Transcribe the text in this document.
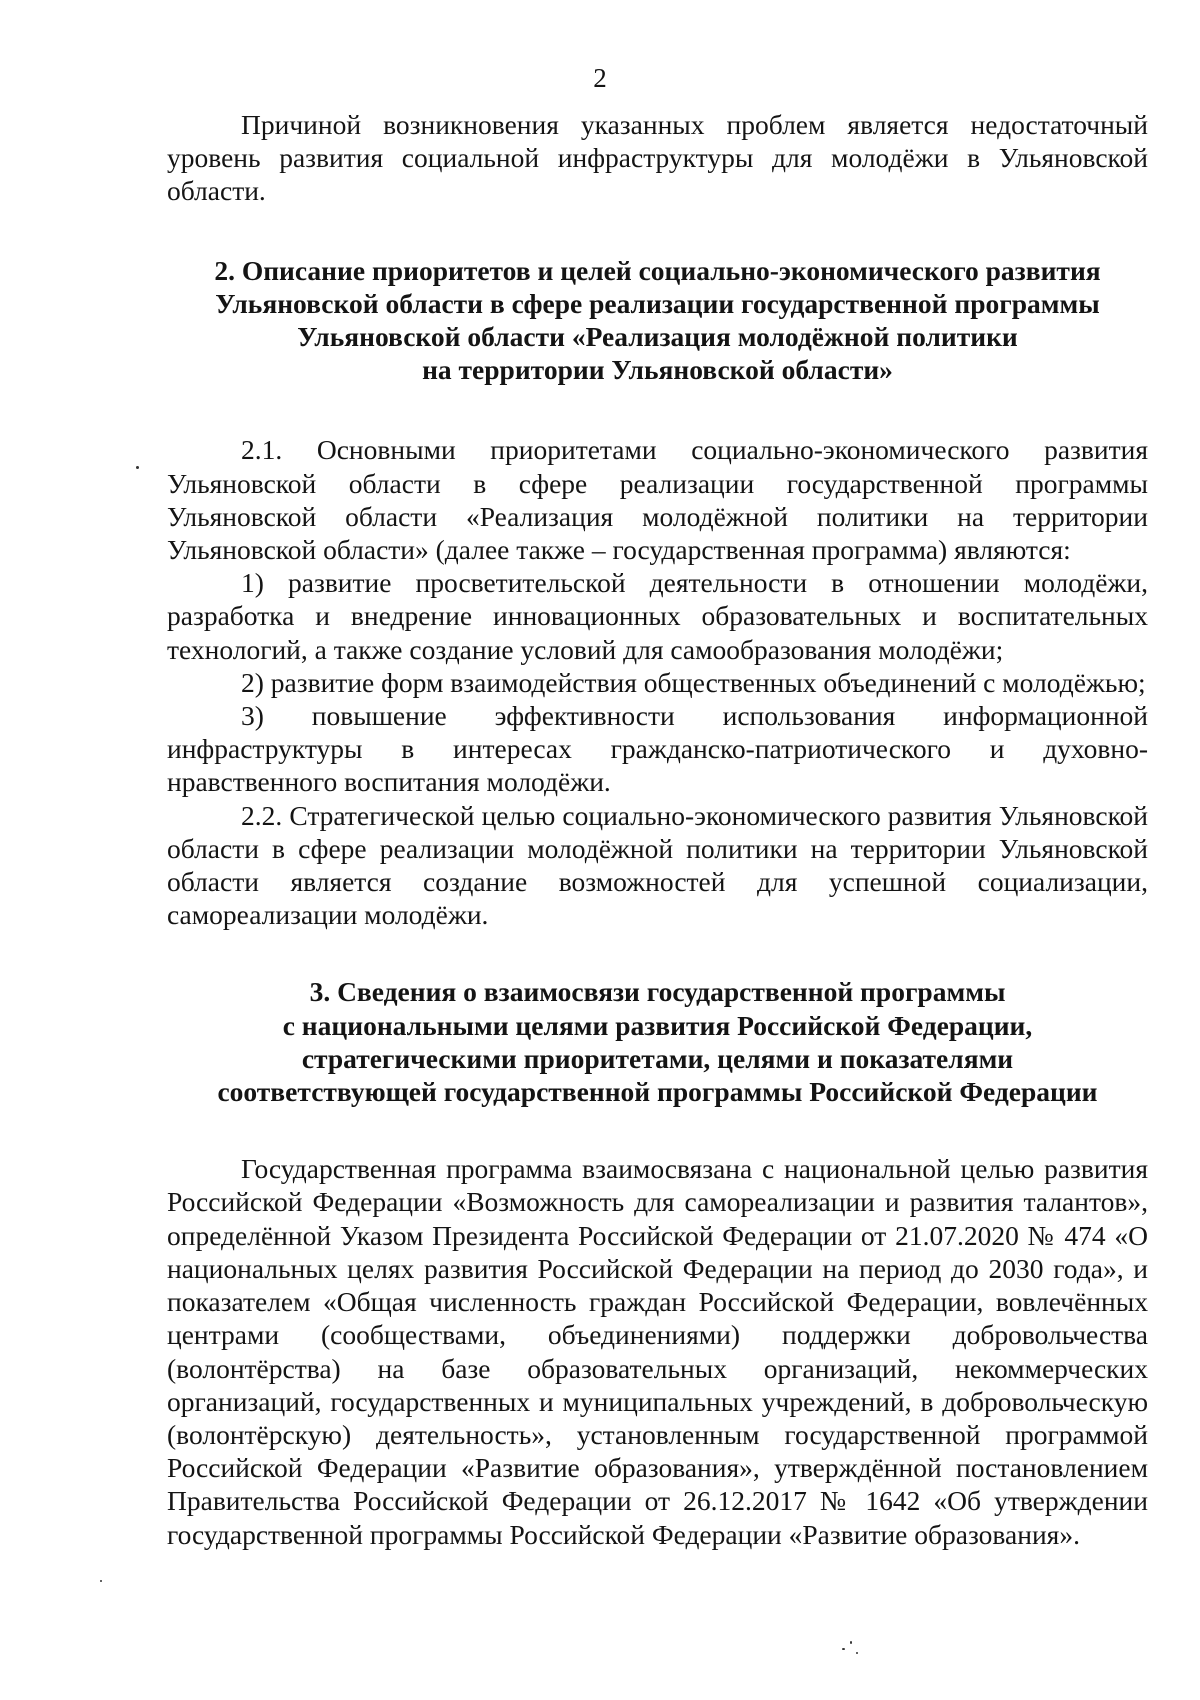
2

Причиной возникновения указанных проблем является недостаточный уровень развития социальной инфраструктуры для молодёжи в Ульяновской области.

2. Описание приоритетов и целей социально-экономического развития
Ульяновской области в сфере реализации государственной программы
Ульяновской области «Реализация молодёжной политики
на территории Ульяновской области»

2.1. Основными приоритетами социально-экономического развития Ульяновской области в сфере реализации государственной программы Ульяновской области «Реализация молодёжной политики на территории Ульяновской области» (далее также – государственная программа) являются:

1) развитие просветительской деятельности в отношении молодёжи, разработка и внедрение инновационных образовательных и воспитательных технологий, а также создание условий для самообразования молодёжи;

2) развитие форм взаимодействия общественных объединений с молодёжью;

3) повышение эффективности использования информационной инфраструктуры в интересах гражданско-патриотического и духовно-нравственного воспитания молодёжи.

2.2. Стратегической целью социально-экономического развития Ульяновской области в сфере реализации молодёжной политики на территории Ульяновской области является создание возможностей для успешной социализации, самореализации молодёжи.

3. Сведения о взаимосвязи государственной программы
с национальными целями развития Российской Федерации,
стратегическими приоритетами, целями и показателями
соответствующей государственной программы Российской Федерации

Государственная программа взаимосвязана с национальной целью развития Российской Федерации «Возможность для самореализации и развития талантов», определённой Указом Президента Российской Федерации от 21.07.2020 № 474 «О национальных целях развития Российской Федерации на период до 2030 года», и показателем «Общая численность граждан Российской Федерации, вовлечённых центрами (сообществами, объединениями) поддержки добровольчества (волонтёрства) на базе образовательных организаций, некоммерческих организаций, государственных и муниципальных учреждений, в добровольческую (волонтёрскую) деятельность», установленным государственной программой Российской Федерации «Развитие образования», утверждённой постановлением Правительства Российской Федерации от 26.12.2017 № 1642 «Об утверждении государственной программы Российской Федерации «Развитие образования».
